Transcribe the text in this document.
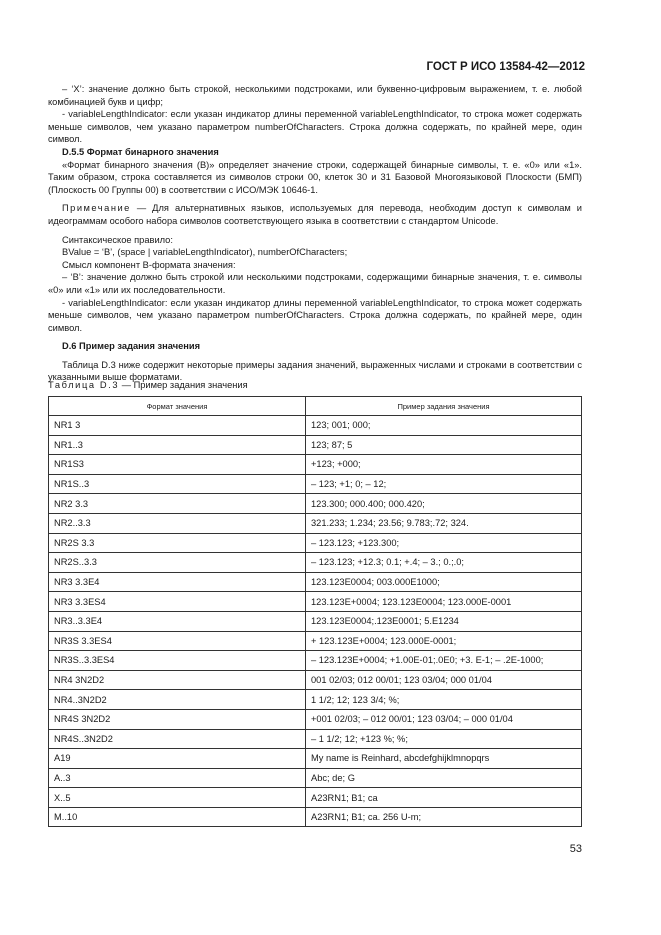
ГОСТ Р ИСО 13584-42—2012

– ‘X’: значение должно быть строкой, несколькими подстроками, или буквенно-цифровым выражением, т. е. любой комбинацией букв и цифр;

- variableLengthIndicator: если указан индикатор длины переменной variableLengthIndicator, то строка может содержать меньше символов, чем указано параметром numberOfCharacters. Строка должна содержать, по крайней мере, один символ.

D.5.5 Формат бинарного значения

«Формат бинарного значения (B)» определяет значение строки, содержащей бинарные символы, т. е. «0» или «1». Таким образом, строка составляется из символов строки 00, клеток 30 и 31 Базовой Многоязыковой Плоскости (БМП) (Плоскость 00 Группы 00) в соответствии с ИСО/МЭК 10646-1.

Примечание — Для альтернативных языков, используемых для перевода, необходим доступ к символам и идеограммам особого набора символов соответствующего языка в соответствии с стандартом Unicode.

Синтаксическое правило:

BValue = ‘B’, (space | variableLengthIndicator), numberOfCharacters;

Смысл компонент B-формата значения:

– ‘B’: значение должно быть строкой или несколькими подстроками, содержащими бинарные значения, т. е. символы «0» или «1» или их последовательности.

- variableLengthIndicator: если указан индикатор длины переменной variableLengthIndicator, то строка может содержать меньше символов, чем указано параметром numberOfCharacters. Строка должна содержать, по крайней мере, один символ.

D.6 Пример задания значения

Таблица D.3 ниже содержит некоторые примеры задания значений, выраженных числами и строками в соответствии с указанными выше форматами.

Таблица D.3 — Пример задания значения
Формат значения	Пример задания значения
NR1 3	123; 001; 000;
NR1..3	123; 87; 5
NR1S3	+123; +000;
NR1S..3	– 123; +1; 0; – 12;
NR2 3.3	123.300; 000.400; 000.420;
NR2..3.3	321.233; 1.234; 23.56; 9.783;.72; 324.
NR2S 3.3	– 123.123; +123.300;
NR2S..3.3	– 123.123; +12.3; 0.1; +.4; – 3.; 0.;.0;
NR3 3.3E4	123.123E0004; 003.000E1000;
NR3 3.3ES4	123.123E+0004; 123.123E0004; 123.000E-0001
NR3..3.3E4	123.123E0004;.123E0001; 5.E1234
NR3S 3.3ES4	+ 123.123E+0004; 123.000E-0001;
NR3S..3.3ES4	– 123.123E+0004; +1.00E-01;.0E0; +3. E-1; – .2E-1000;
NR4 3N2D2	001 02/03; 012 00/01; 123 03/04; 000 01/04
NR4..3N2D2	1 1/2; 12; 123 3/4; %;
NR4S 3N2D2	+001 02/03; – 012 00/01; 123 03/04; – 000 01/04
NR4S..3N2D2	– 1 1/2; 12; +123 %; %;
A19	My name is Reinhard, abcdefghijklmnopqrs
A..3	Abc; de; G
X..5	A23RN1; B1; ca
M..10	A23RN1; B1; ca. 256 U-m;
53
